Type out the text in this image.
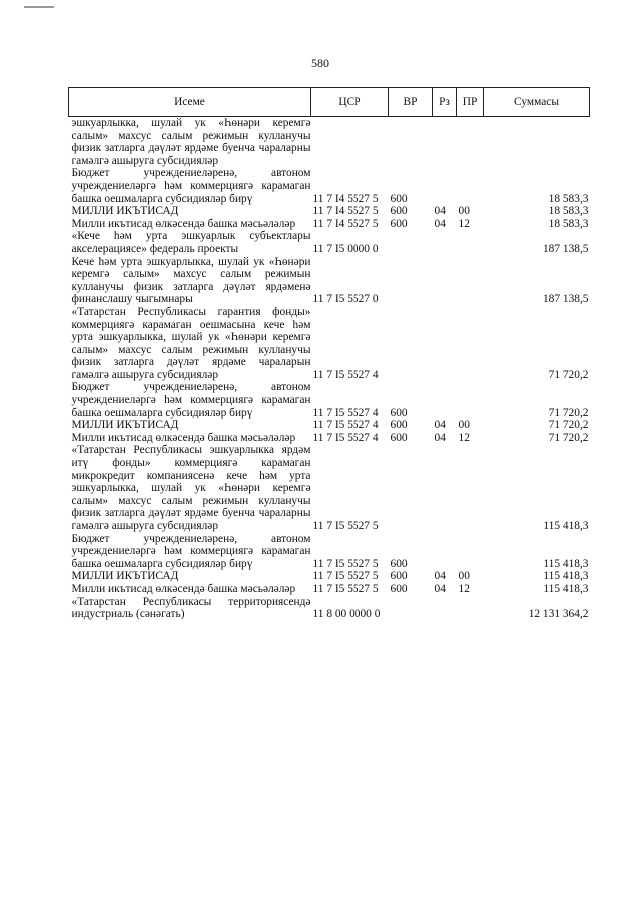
580
Исеме	ЦСР	ВР	Рз	ПР	Суммасы
эшкуарлыкка, шулай ук «Һөнәри керемгә салым» махсус салым режимын кулланучы физик затларга дәүләт ярдәме буенча чараларны гамәлгә ашыруга субсидияләр					
Бюджет учреждениеләренә, автоном учреждениеләргә һәм коммерциягә карамаган башка оешмаларга субсидияләр бирү	11 7 I4 5527 5	600			18 583,3
МИЛЛИ ИКЪТИСАД	11 7 I4 5527 5	600	04	00	18 583,3
Милли икътисад өлкәсендә башка мәсьәләләр	11 7 I4 5527 5	600	04	12	18 583,3
«Кече һәм урта эшкуарлык субъектлары акселерациясе» федераль проекты	11 7 I5 0000 0				187 138,5
Кече һәм урта эшкуарлыкка, шулай ук «Һөнәри керемгә салым» махсус салым режимын кулланучы физик затларга дәүләт ярдәменә финанслашу чыгымнары	11 7 I5 5527 0				187 138,5
«Татарстан Республикасы гарантия фонды» коммерциягә карамаган оешмасына кече һәм урта эшкуарлыкка, шулай ук «Һөнәри керемгә салым» махсус салым режимын кулланучы физик затларга дәүләт ярдәме чараларын гамәлгә ашыруга субсидияләр	11 7 I5 5527 4				71 720,2
Бюджет учреждениеләренә, автоном учреждениеләргә һәм коммерциягә карамаган башка оешмаларга субсидияләр бирү	11 7 I5 5527 4	600			71 720,2
МИЛЛИ ИКЪТИСАД	11 7 I5 5527 4	600	04	00	71 720,2
Милли икътисад өлкәсендә башка мәсьәләләр	11 7 I5 5527 4	600	04	12	71 720,2
«Татарстан Республикасы эшкуарлыкка ярдәм итү фонды» коммерциягә карамаган микрокредит компаниясенә кече һәм урта эшкуарлыкка, шулай ук «Һөнәри керемгә салым» махсус салым режимын кулланучы физик затларга дәүләт ярдәме буенча чараларны гамәлгә ашыруга субсидияләр	11 7 I5 5527 5				115 418,3
Бюджет учреждениеләренә, автоном учреждениеләргә һәм коммерциягә карамаган башка оешмаларга субсидияләр бирү	11 7 I5 5527 5	600			115 418,3
МИЛЛИ ИКЪТИСАД	11 7 I5 5527 5	600	04	00	115 418,3
Милли икътисад өлкәсендә башка мәсьәләләр	11 7 I5 5527 5	600	04	12	115 418,3
«Татарстан Республикасы территориясендә индустриаль (сәнәгать)	11 8 00 0000 0				12 131 364,2
